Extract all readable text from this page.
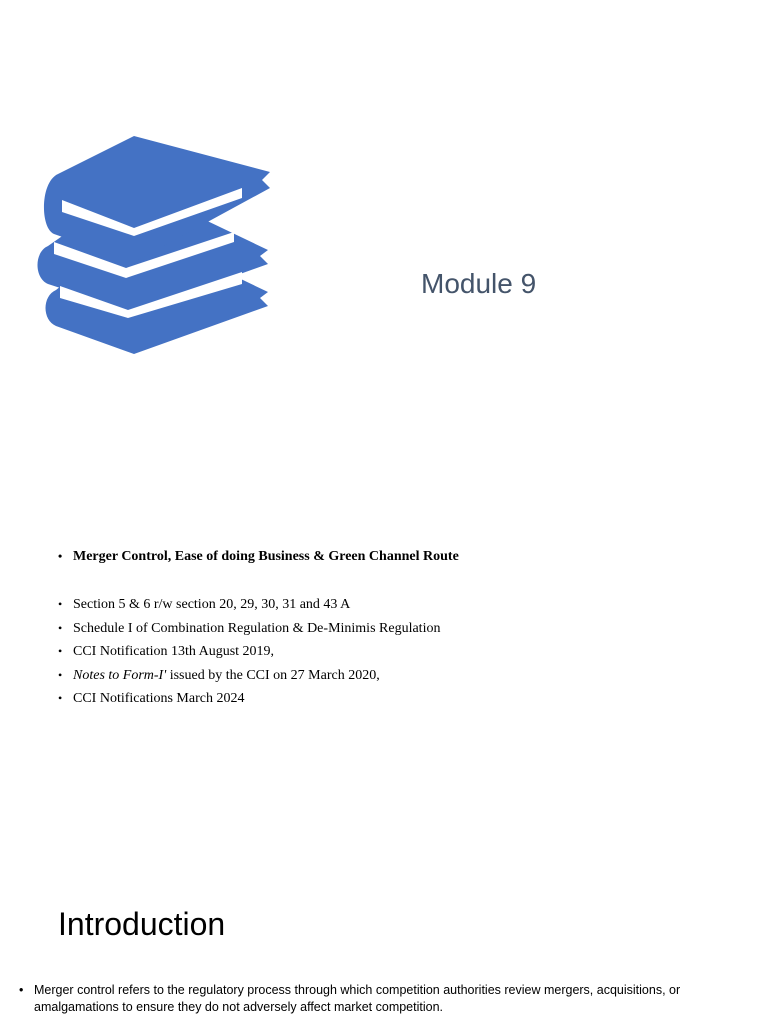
Module 9
• Merger Control, Ease of doing Business & Green Channel Route
• Section 5 & 6 r/w section 20, 29, 30, 31 and 43 A
• Schedule I of Combination Regulation & De-Minimis Regulation
• CCI Notification 13th August 2019,
• Notes to Form-I' issued by the CCI on 27 March 2020,
• CCI Notifications March 2024
Introduction

• Merger control refers to the regulatory process through which competition authorities review mergers, acquisitions, or amalgamations to ensure they do not adversely affect market competition.
